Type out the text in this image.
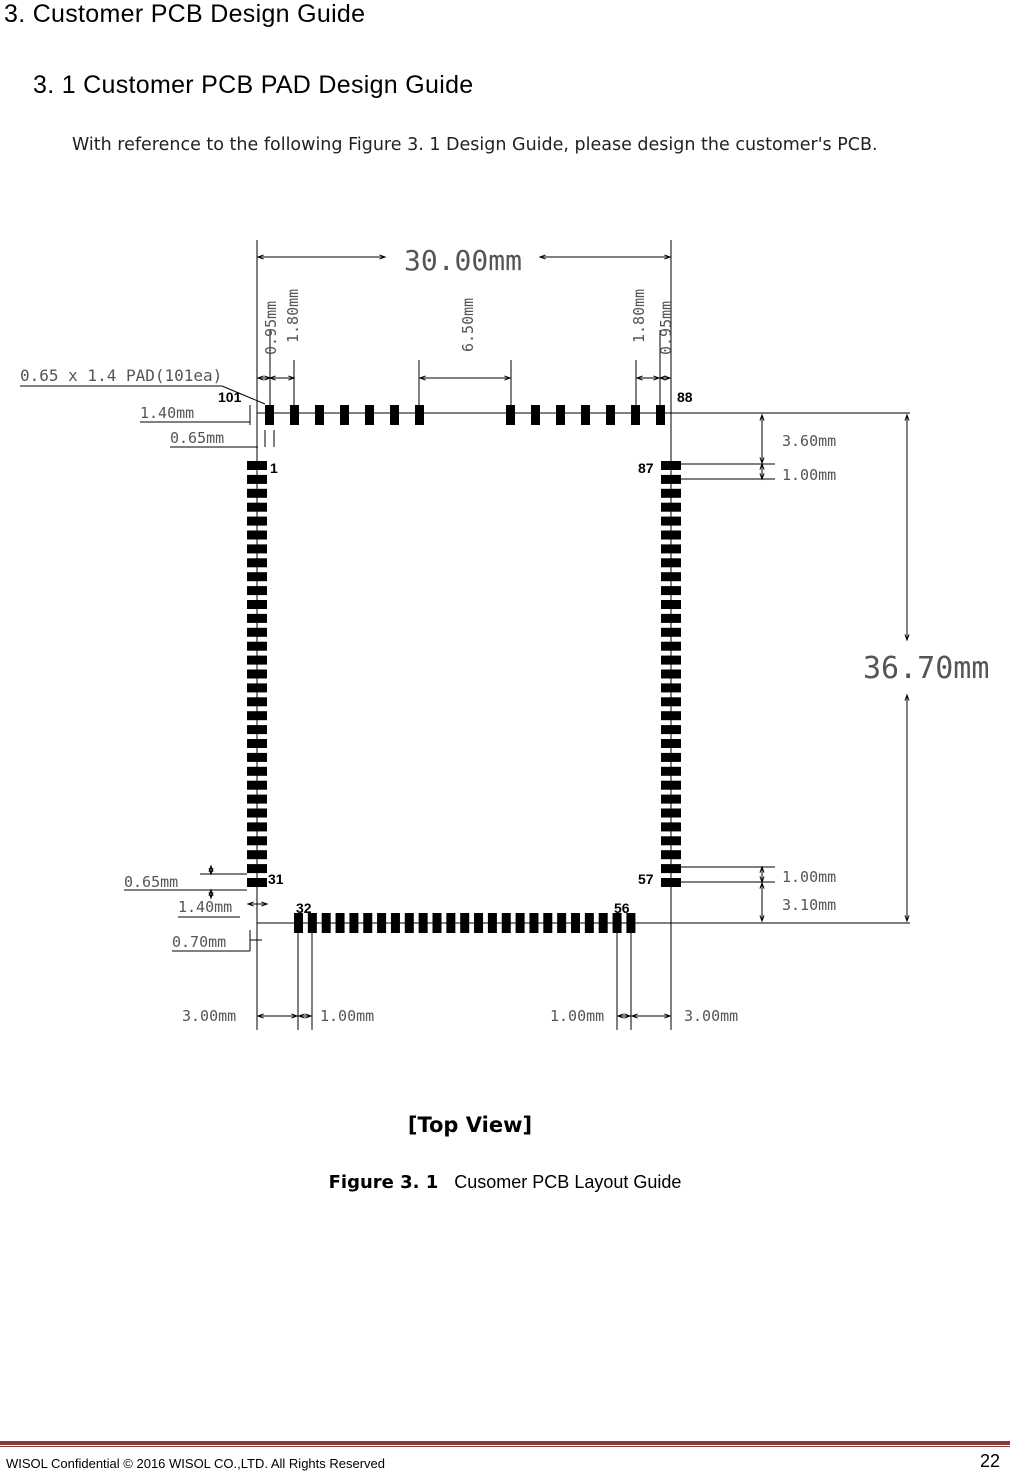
3. Customer PCB Design Guide
3. 1 Customer PCB PAD Design Guide
With reference to the following Figure 3. 1 Design Guide, please design the customer's PCB.
30.00mm
0.95mm 1.80mm	6.50mm	1.80mm 0.95mm
0.65 x 1.4 PAD(101ea)
1.40mm
0.65mm
36.70mm
3.60mm
1.00mm
1.00mm
3.10mm
0.65mm
1.40mm
0.70mm
3.00mm	1.00mm	1.00mm	3.00mm
101	88
1	87
31	57
32	56
[Top View]
Figure 3. 1 Cusomer PCB Layout Guide
WISOL Confidential © 2016 WISOL CO.,LTD. All Rights Reserved	22
